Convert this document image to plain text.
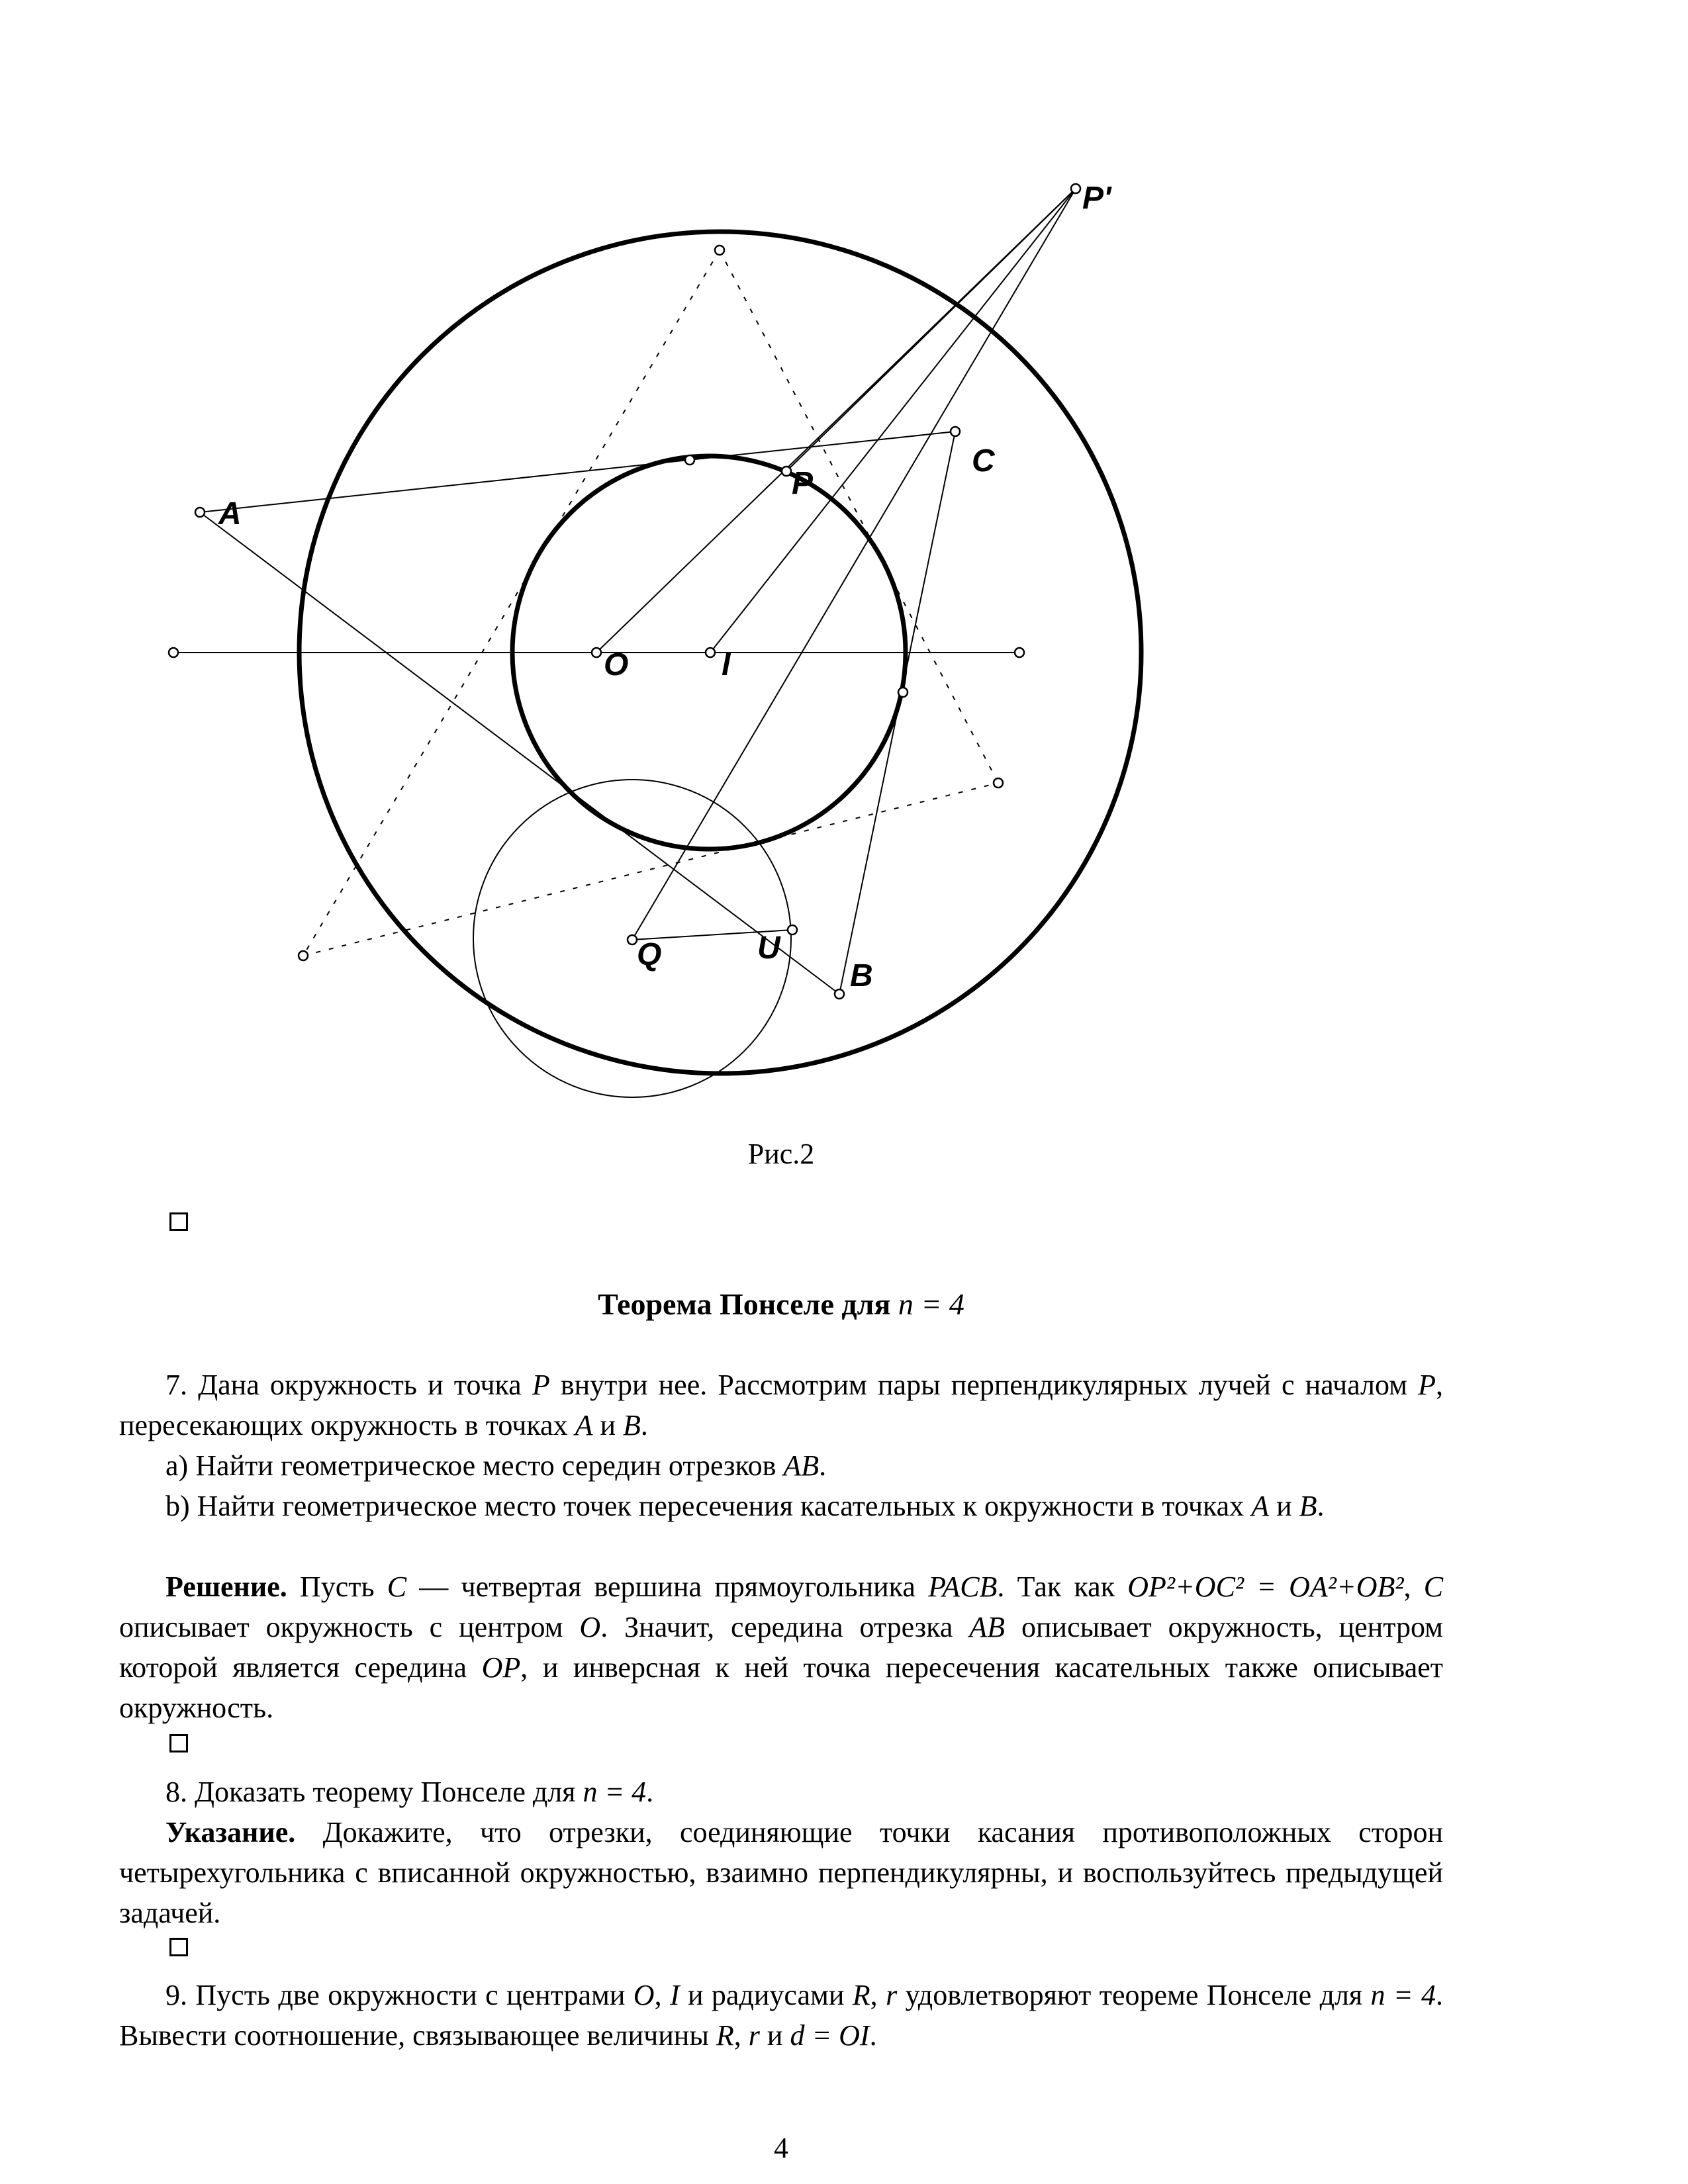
P'
A
C
P
O	I
Q	U
B
Рис.2
Теорема Понселе для n = 4
7. Дана окружность и точка P внутри нее. Рассмотрим пары перпендикулярных лучей с началом P, пересекающих окружность в точках A и B.
a) Найти геометрическое место середин отрезков AB.
b) Найти геометрическое место точек пересечения касательных к окружности в точках A и B.
Решение. Пусть C — четвертая вершина прямоугольника PACB. Так как OP²+OC² = OA²+OB², C описывает окружность с центром O. Значит, середина отрезка AB описывает окружность, центром которой является середина OP, и инверсная к ней точка пересечения касательных также описывает окружность.
8. Доказать теорему Понселе для n = 4.
Указание. Докажите, что отрезки, соединяющие точки касания противоположных сторон четырехугольника с вписанной окружностью, взаимно перпендикулярны, и воспользуйтесь предыдущей задачей.
9. Пусть две окружности с центрами O, I и радиусами R, r удовлетворяют теореме Понселе для n = 4. Вывести соотношение, связывающее величины R, r и d = OI.
4
